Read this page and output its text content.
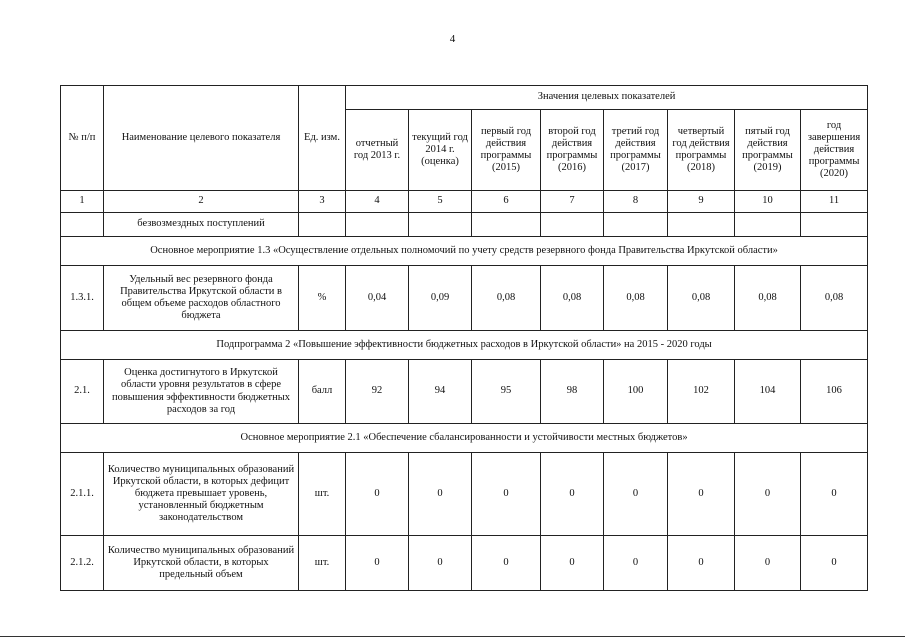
4
№ п/п	Наименование целевого показателя	Ед. изм.	Значения целевых показателей							
			отчетный год 2013 г.	текущий год 2014 г. (оценка)	первый год действия программы (2015)	второй год действия программы (2016)	третий год действия программы (2017)	четвертый год действия программы (2018)	пятый год действия программы (2019)	год завершения действия программы (2020)
1	2	3	4	5	6	7	8	9	10	11
	безвозмездных поступлений									
Основное мероприятие 1.3 «Осуществление отдельных полномочий по учету средств резервного фонда Правительства Иркутской области»										
1.3.1.	Удельный вес резервного фонда Правительства Иркутской области в общем объеме расходов областного бюджета	%	0,04	0,09	0,08	0,08	0,08	0,08	0,08	0,08
Подпрограмма 2 «Повышение эффективности бюджетных расходов в Иркутской области» на 2015 - 2020 годы										
2.1.	Оценка достигнутого в Иркутской области уровня результатов в сфере повышения эффективности бюджетных расходов за год	балл	92	94	95	98	100	102	104	106
Основное мероприятие 2.1 «Обеспечение сбалансированности и устойчивости местных бюджетов»										
2.1.1.	Количество муниципальных образований Иркутской области, в которых дефицит бюджета превышает уровень, установленный бюджетным законодательством	шт.	0	0	0	0	0	0	0	0
2.1.2.	Количество муниципальных образований Иркутской области, в которых предельный объем	шт.	0	0	0	0	0	0	0	0
